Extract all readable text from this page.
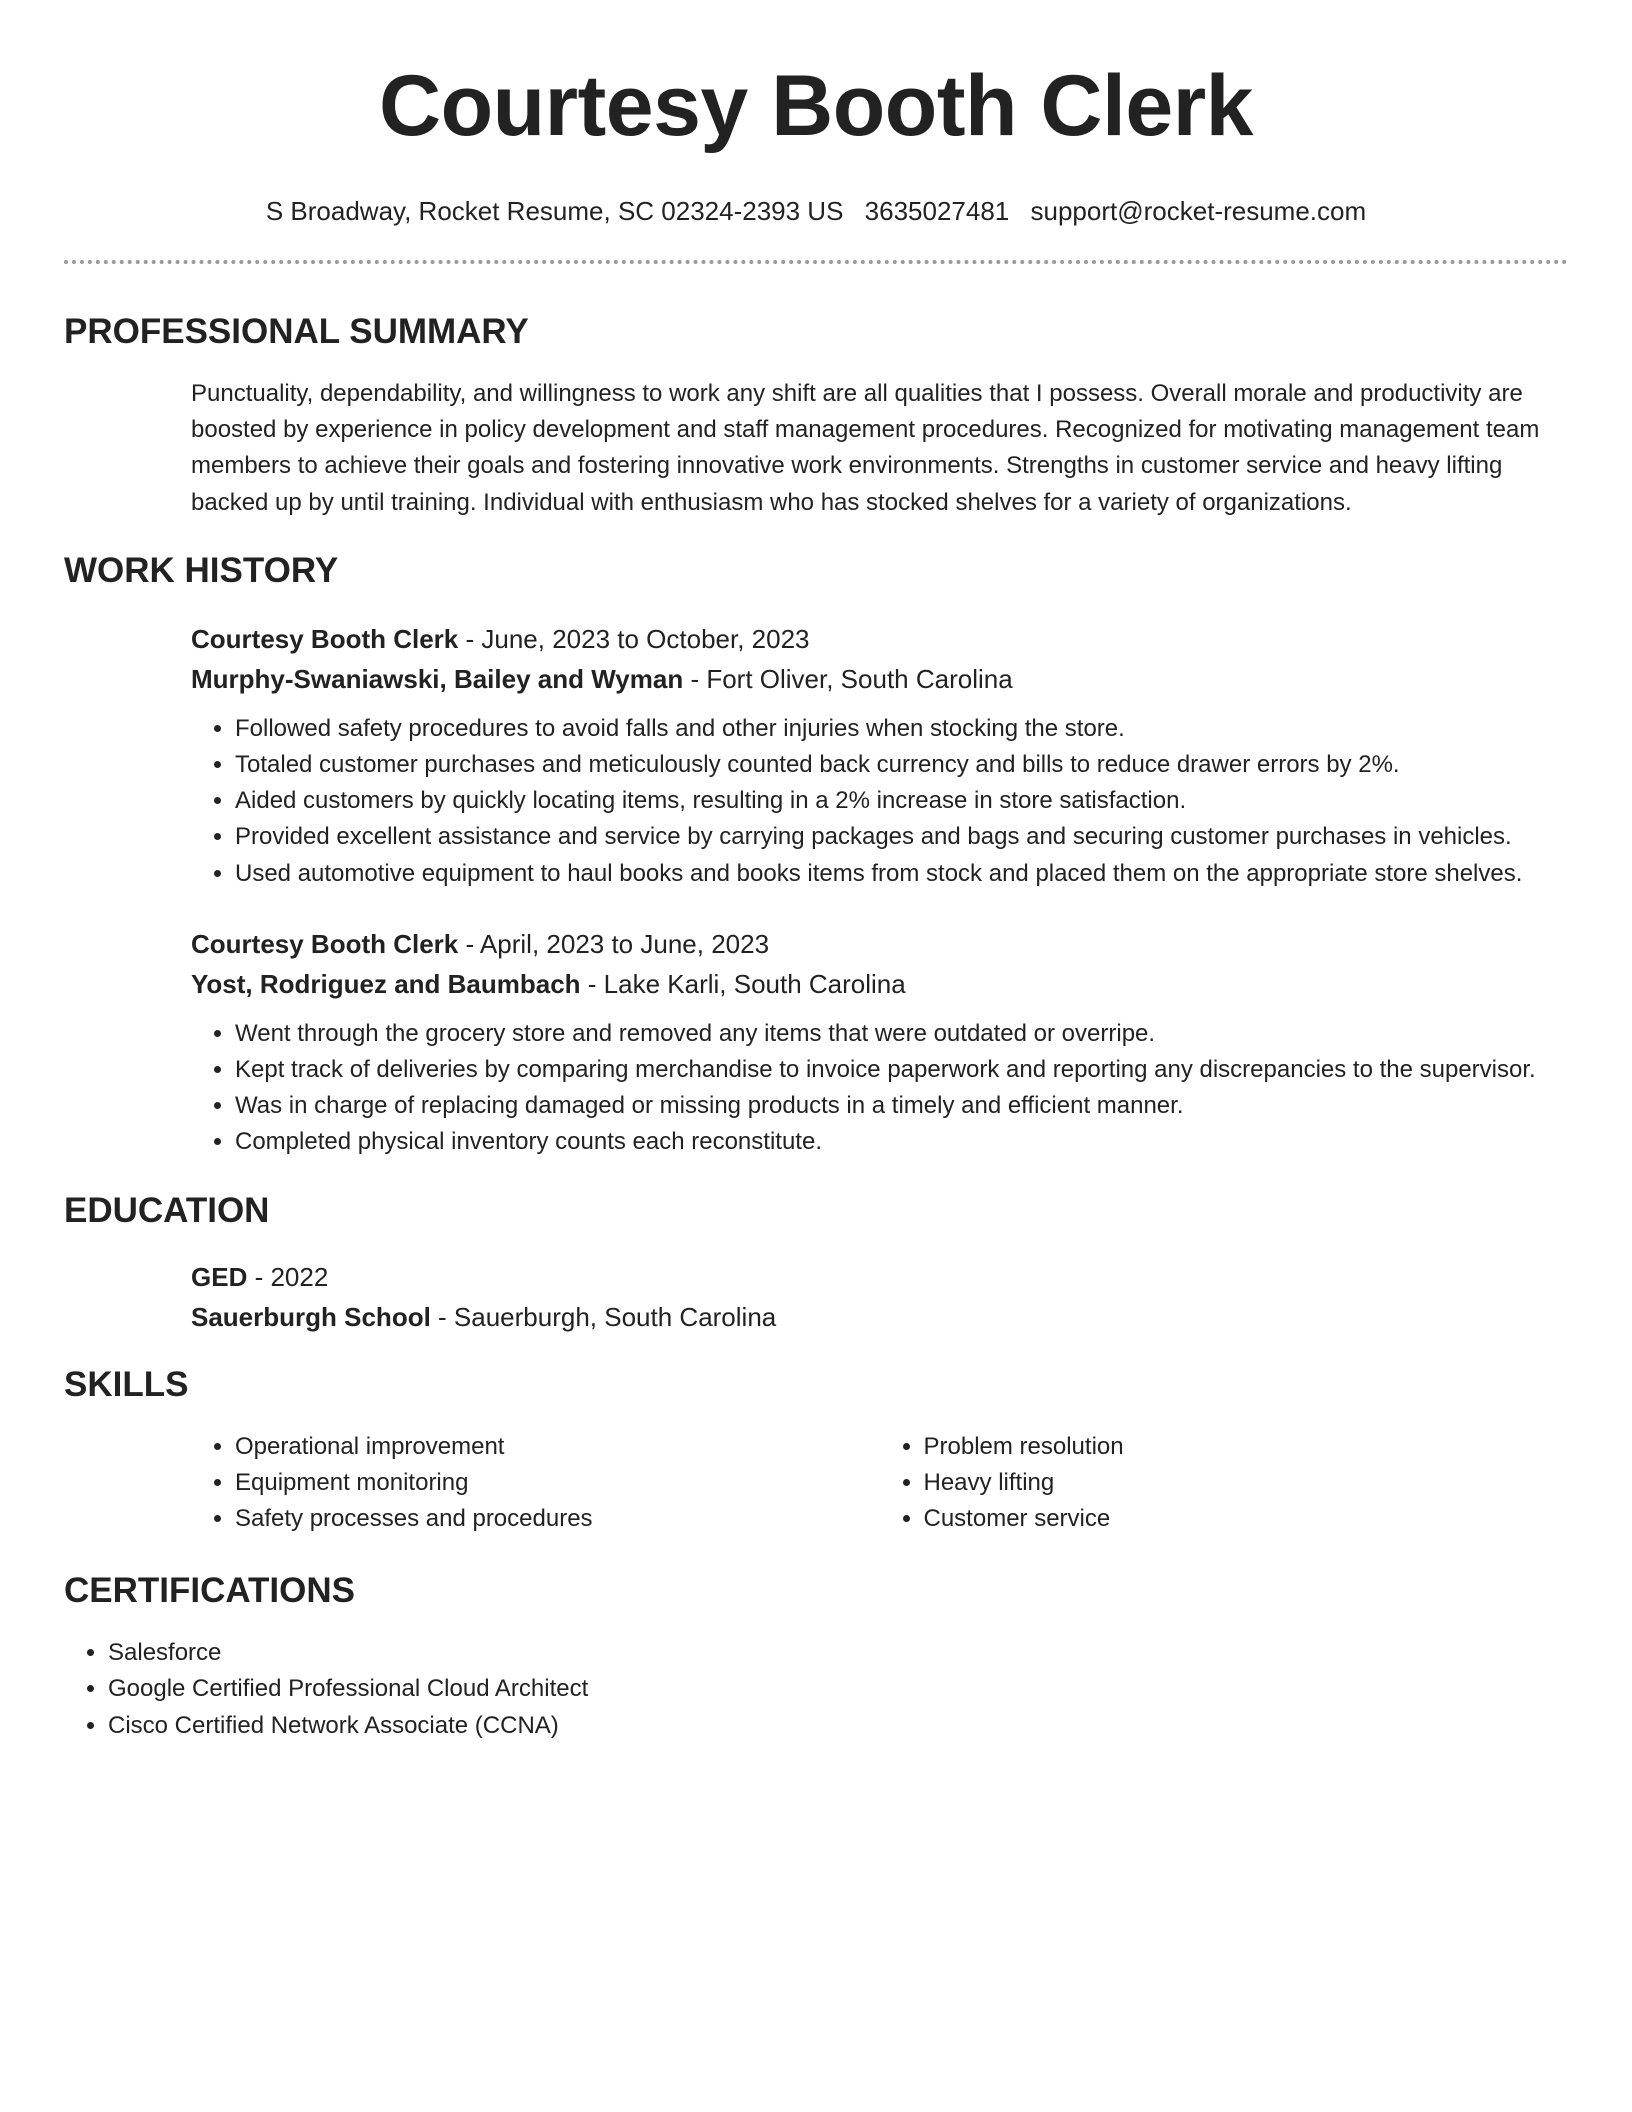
Courtesy Booth Clerk
S Broadway, Rocket Resume, SC 02324-2393 US 3635027481 support@rocket-resume.com
PROFESSIONAL SUMMARY

Punctuality, dependability, and willingness to work any shift are all qualities that I possess. Overall morale and productivity are boosted by experience in policy development and staff management procedures. Recognized for motivating management team members to achieve their goals and fostering innovative work environments. Strengths in customer service and heavy lifting backed up by until training. Individual with enthusiasm who has stocked shelves for a variety of organizations.

WORK HISTORY
Courtesy Booth Clerk - June, 2023 to October, 2023
Murphy-Swaniawski, Bailey and Wyman - Fort Oliver, South Carolina
• Followed safety procedures to avoid falls and other injuries when stocking the store.
• Totaled customer purchases and meticulously counted back currency and bills to reduce drawer errors by 2%.
• Aided customers by quickly locating items, resulting in a 2% increase in store satisfaction.
• Provided excellent assistance and service by carrying packages and bags and securing customer purchases in vehicles.
• Used automotive equipment to haul books and books items from stock and placed them on the appropriate store shelves.
Courtesy Booth Clerk - April, 2023 to June, 2023
Yost, Rodriguez and Baumbach - Lake Karli, South Carolina
• Went through the grocery store and removed any items that were outdated or overripe.
• Kept track of deliveries by comparing merchandise to invoice paperwork and reporting any discrepancies to the supervisor.
• Was in charge of replacing damaged or missing products in a timely and efficient manner.
• Completed physical inventory counts each reconstitute.
EDUCATION
GED - 2022
Sauerburgh School - Sauerburgh, South Carolina
SKILLS
• Operational improvement
• Equipment monitoring
• Safety processes and procedures
• Problem resolution
• Heavy lifting
• Customer service
CERTIFICATIONS
• Salesforce
• Google Certified Professional Cloud Architect
• Cisco Certified Network Associate (CCNA)
